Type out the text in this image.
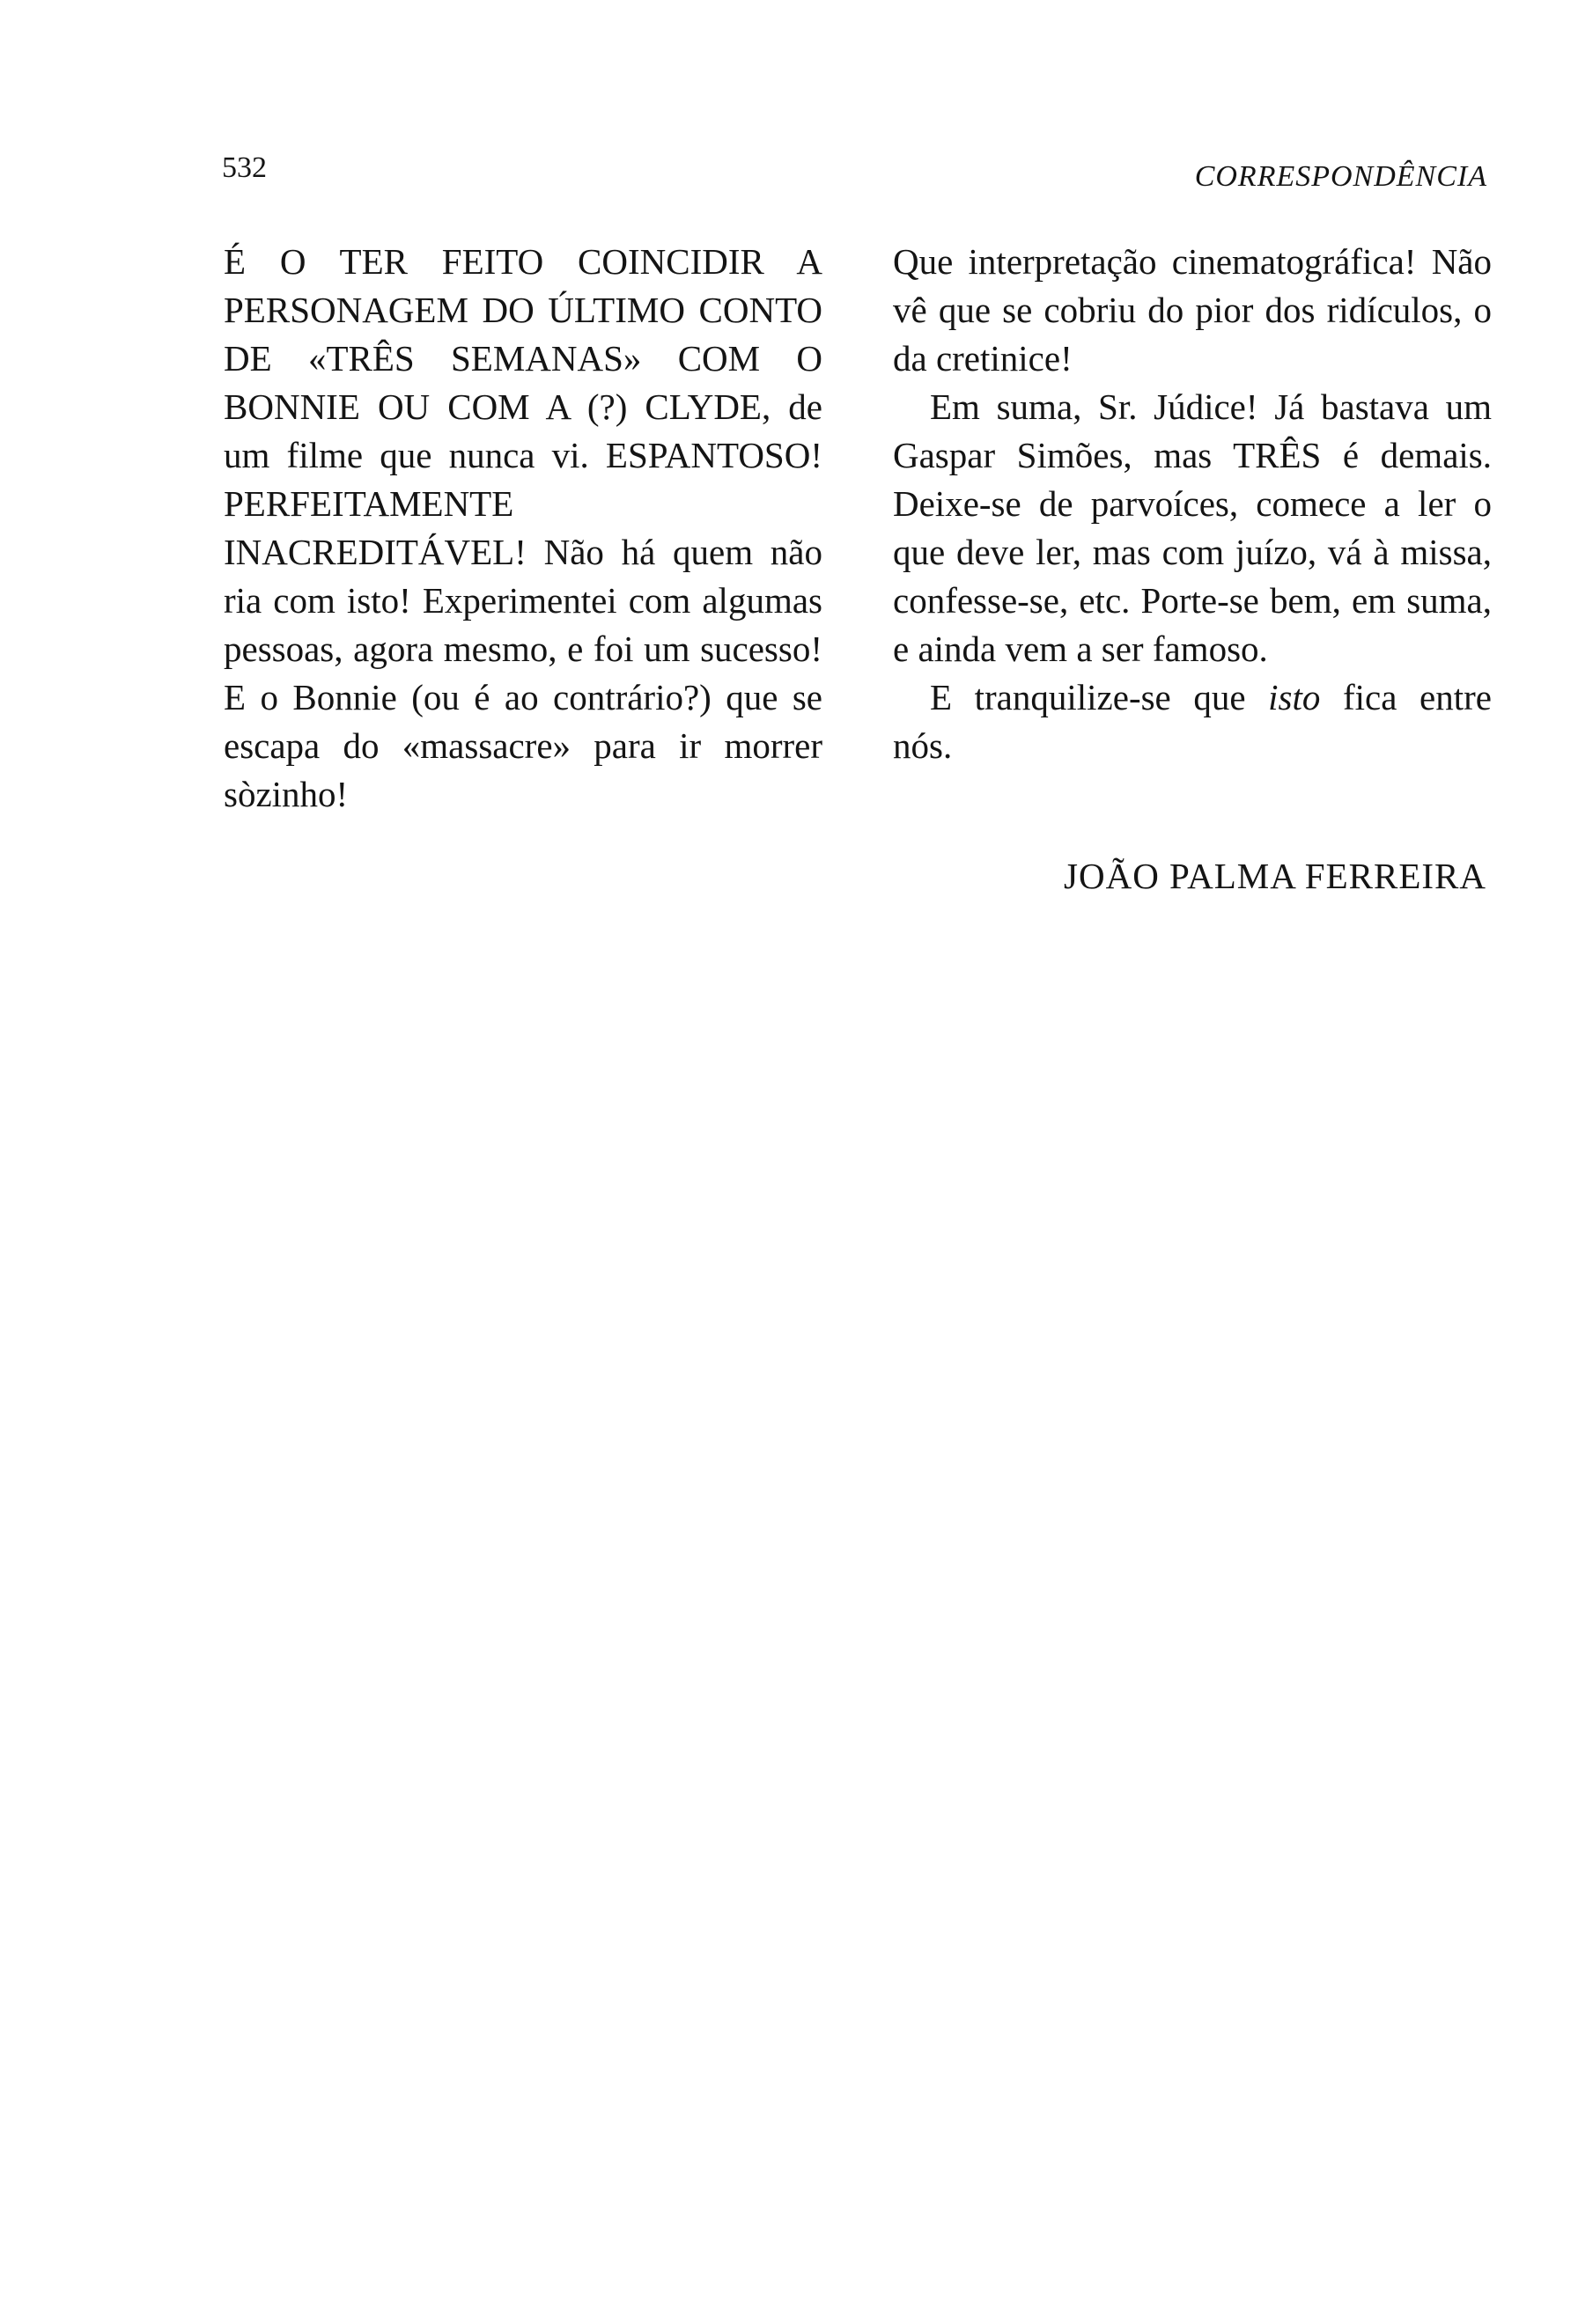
532	CORRESPONDÊNCIA

É O TER FEITO COINCIDIR A PERSONAGEM DO ÚLTIMO CONTO DE «TRÊS SEMANAS» COM O BONNIE OU COM A (?) CLYDE, de um filme que nunca vi. ESPANTOSO! PERFEITAMENTE INACREDITÁVEL! Não há quem não ria com isto! Experimentei com algumas pessoas, agora mesmo, e foi um sucesso! E o Bonnie (ou é ao contrário?) que se escapa do «massacre» para ir morrer sòzinho!

Que interpretação cinematográfica! Não vê que se cobriu do pior dos ridículos, o da cretinice!

Em suma, Sr. Júdice! Já bastava um Gaspar Simões, mas TRÊS é demais. Deixe-se de parvoíces, comece a ler o que deve ler, mas com juízo, vá à missa, confesse-se, etc. Porte-se bem, em suma, e ainda vem a ser famoso.

E tranquilize-se que isto fica entre nós.

JOÃO PALMA FERREIRA
